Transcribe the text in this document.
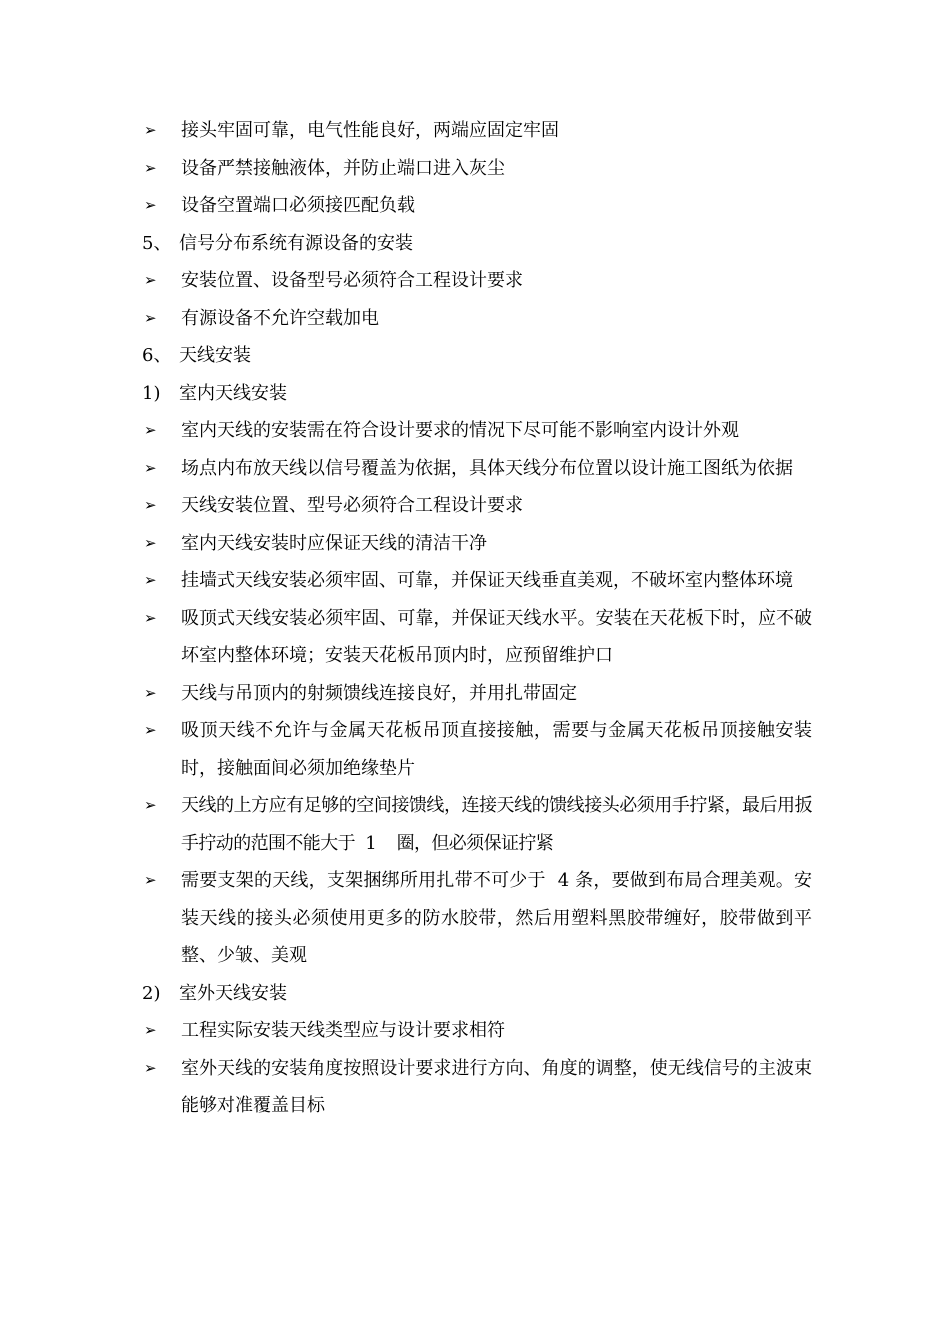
➢	接头牢固可靠，电气性能良好，两端应固定牢固
➢	设备严禁接触液体，并防止端口进入灰尘
➢	设备空置端口必须接匹配负载
5、 信号分布系统有源设备的安装
➢	安装位置、设备型号必须符合工程设计要求
➢	有源设备不允许空载加电
6、 天线安装
1)	室内天线安装
➢	室内天线的安装需在符合设计要求的情况下尽可能不影响室内设计外观
➢	场点内布放天线以信号覆盖为依据，具体天线分布位置以设计施工图纸为依据
➢	天线安装位置、型号必须符合工程设计要求
➢	室内天线安装时应保证天线的清洁干净
➢	挂墙式天线安装必须牢固、可靠，并保证天线垂直美观，不破坏室内整体环境
➢	吸顶式天线安装必须牢固、可靠，并保证天线水平。安装在天花板下时，应不破坏室内整体环境；安装天花板吊顶内时，应预留维护口
➢	天线与吊顶内的射频馈线连接良好，并用扎带固定
➢	吸顶天线不允许与金属天花板吊顶直接接触，需要与金属天花板吊顶接触安装时，接触面间必须加绝缘垫片
➢	天线的上方应有足够的空间接馈线，连接天线的馈线接头必须用手拧紧，最后用扳手拧动的范围不能大于  1    圈，但必须保证拧紧
➢	需要支架的天线，支架捆绑所用扎带不可少于  4 条，要做到布局合理美观。安装天线的接头必须使用更多的防水胶带，然后用塑料黑胶带缠好，胶带做到平整、少皱、美观
2)	室外天线安装
➢	工程实际安装天线类型应与设计要求相符
➢	室外天线的安装角度按照设计要求进行方向、角度的调整，使无线信号的主波束能够对准覆盖目标
